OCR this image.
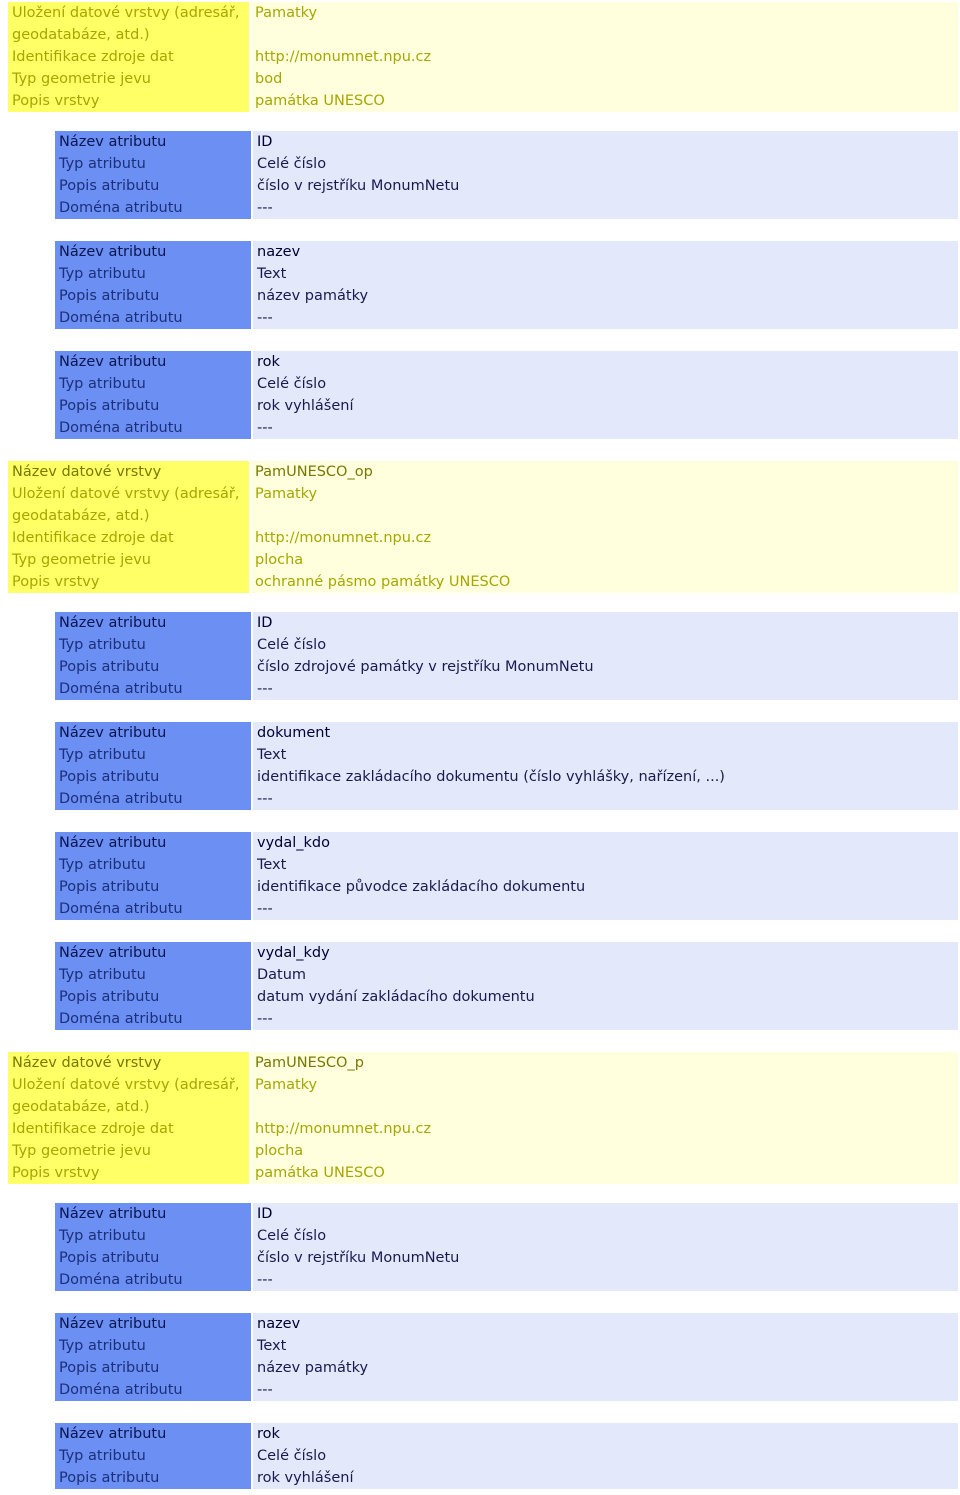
Uložení datové vrstvy (adresář,
geodatabáze, atd.)
Identifikace zdroje dat
Typ geometrie jevu
Popis vrstvy
Pamatky
http://monumnet.npu.cz
bod
památka UNESCO
Název atributu
Typ atributu
Popis atributu
Doména atributu
ID
Celé číslo
číslo v rejstříku MonumNetu
---
Název atributu
Typ atributu
Popis atributu
Doména atributu
nazev
Text
název památky
---
Název atributu
Typ atributu
Popis atributu
Doména atributu
rok
Celé číslo
rok vyhlášení
---
Název datové vrstvy
Uložení datové vrstvy (adresář,
geodatabáze, atd.)
Identifikace zdroje dat
Typ geometrie jevu
Popis vrstvy
PamUNESCO_op
Pamatky
http://monumnet.npu.cz
plocha
ochranné pásmo památky UNESCO
Název atributu
Typ atributu
Popis atributu
Doména atributu
ID
Celé číslo
číslo zdrojové památky v rejstříku MonumNetu
---
Název atributu
Typ atributu
Popis atributu
Doména atributu
dokument
Text
identifikace zakládacího dokumentu (číslo vyhlášky, nařízení, ...)
---
Název atributu
Typ atributu
Popis atributu
Doména atributu
vydal_kdo
Text
identifikace původce zakládacího dokumentu
---
Název atributu
Typ atributu
Popis atributu
Doména atributu
vydal_kdy
Datum
datum vydání zakládacího dokumentu
---
Název datové vrstvy
Uložení datové vrstvy (adresář,
geodatabáze, atd.)
Identifikace zdroje dat
Typ geometrie jevu
Popis vrstvy
PamUNESCO_p
Pamatky
http://monumnet.npu.cz
plocha
památka UNESCO
Název atributu
Typ atributu
Popis atributu
Doména atributu
ID
Celé číslo
číslo v rejstříku MonumNetu
---
Název atributu
Typ atributu
Popis atributu
Doména atributu
nazev
Text
název památky
---
Název atributu
Typ atributu
Popis atributu
rok
Celé číslo
rok vyhlášení
